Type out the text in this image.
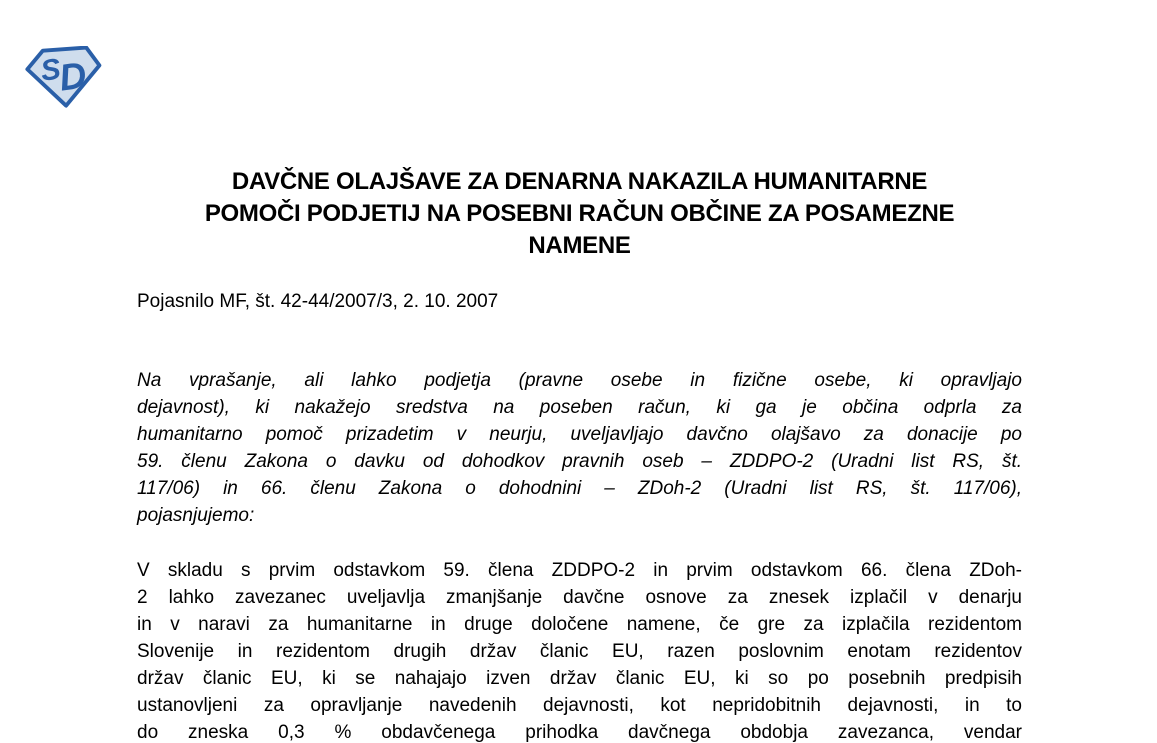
S
D
DAVČNE OLAJŠAVE ZA DENARNA NAKAZILA HUMANITARNE
POMOČI PODJETIJ NA POSEBNI RAČUN OBČINE ZA POSAMEZNE
NAMENE
Pojasnilo MF, št. 42-44/2007/3, 2. 10. 2007
Na vprašanje, ali lahko podjetja (pravne osebe in fizične osebe, ki opravljajo
dejavnost), ki nakažejo sredstva na poseben račun, ki ga je občina odprla za
humanitarno pomoč prizadetim v neurju, uveljavljajo davčno olajšavo za donacije po
59. členu Zakona o davku od dohodkov pravnih oseb – ZDDPO-2 (Uradni list RS, št.
117/06) in 66. členu Zakona o dohodnini – ZDoh-2 (Uradni list RS, št. 117/06),
pojasnjujemo:
V skladu s prvim odstavkom 59. člena ZDDPO-2 in prvim odstavkom 66. člena ZDoh-
2 lahko zavezanec uveljavlja zmanjšanje davčne osnove za znesek izplačil v denarju
in v naravi za humanitarne in druge določene namene, če gre za izplačila rezidentom
Slovenije in rezidentom drugih držav članic EU, razen poslovnim enotam rezidentov
držav članic EU, ki se nahajajo izven držav članic EU, ki so po posebnih predpisih
ustanovljeni za opravljanje navedenih dejavnosti, kot nepridobitnih dejavnosti, in to
do zneska 0,3 % obdavčenega prihodka davčnega obdobja zavezanca, vendar
